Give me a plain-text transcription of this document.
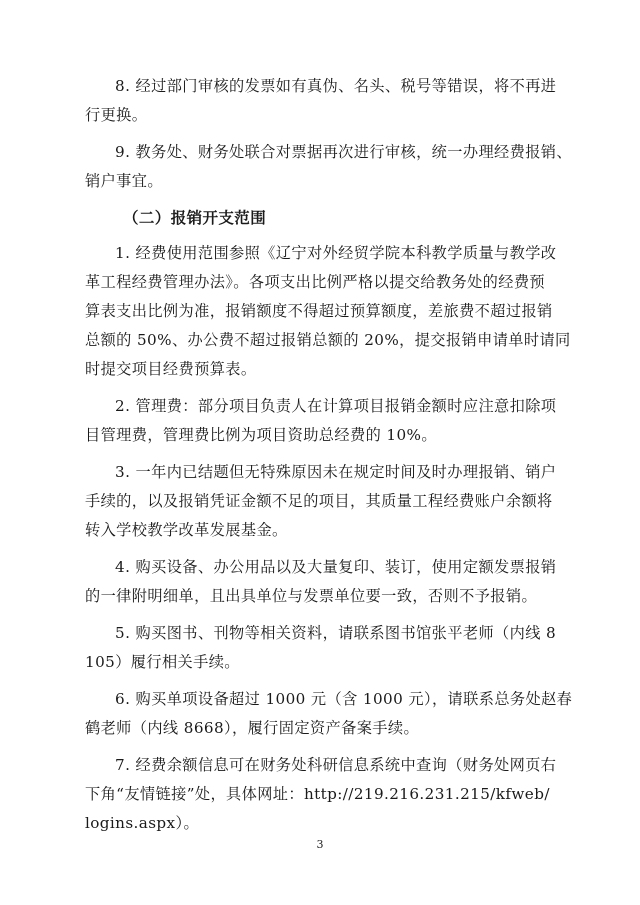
8. 经过部门审核的发票如有真伪、名头、税号等错误，将不再进
行更换。

9. 教务处、财务处联合对票据再次进行审核，统一办理经费报销、
销户事宜。

（二）报销开支范围

1. 经费使用范围参照《辽宁对外经贸学院本科教学质量与教学改
革工程经费管理办法》。各项支出比例严格以提交给教务处的经费预
算表支出比例为准，报销额度不得超过预算额度，差旅费不超过报销
总额的 50%、办公费不超过报销总额的 20%，提交报销申请单时请同
时提交项目经费预算表。

2. 管理费：部分项目负责人在计算项目报销金额时应注意扣除项
目管理费，管理费比例为项目资助总经费的 10%。

3. 一年内已结题但无特殊原因未在规定时间及时办理报销、销户
手续的，以及报销凭证金额不足的项目，其质量工程经费账户余额将
转入学校教学改革发展基金。

4. 购买设备、办公用品以及大量复印、装订，使用定额发票报销
的一律附明细单，且出具单位与发票单位要一致，否则不予报销。

5. 购买图书、刊物等相关资料，请联系图书馆张平老师（内线 8
105）履行相关手续。

6. 购买单项设备超过 1000 元（含 1000 元），请联系总务处赵春
鹤老师（内线 8668），履行固定资产备案手续。

7. 经费余额信息可在财务处科研信息系统中查询（财务处网页右
下角“友情链接”处，具体网址：http://219.216.231.215/kfweb/
logins.aspx）。

3
